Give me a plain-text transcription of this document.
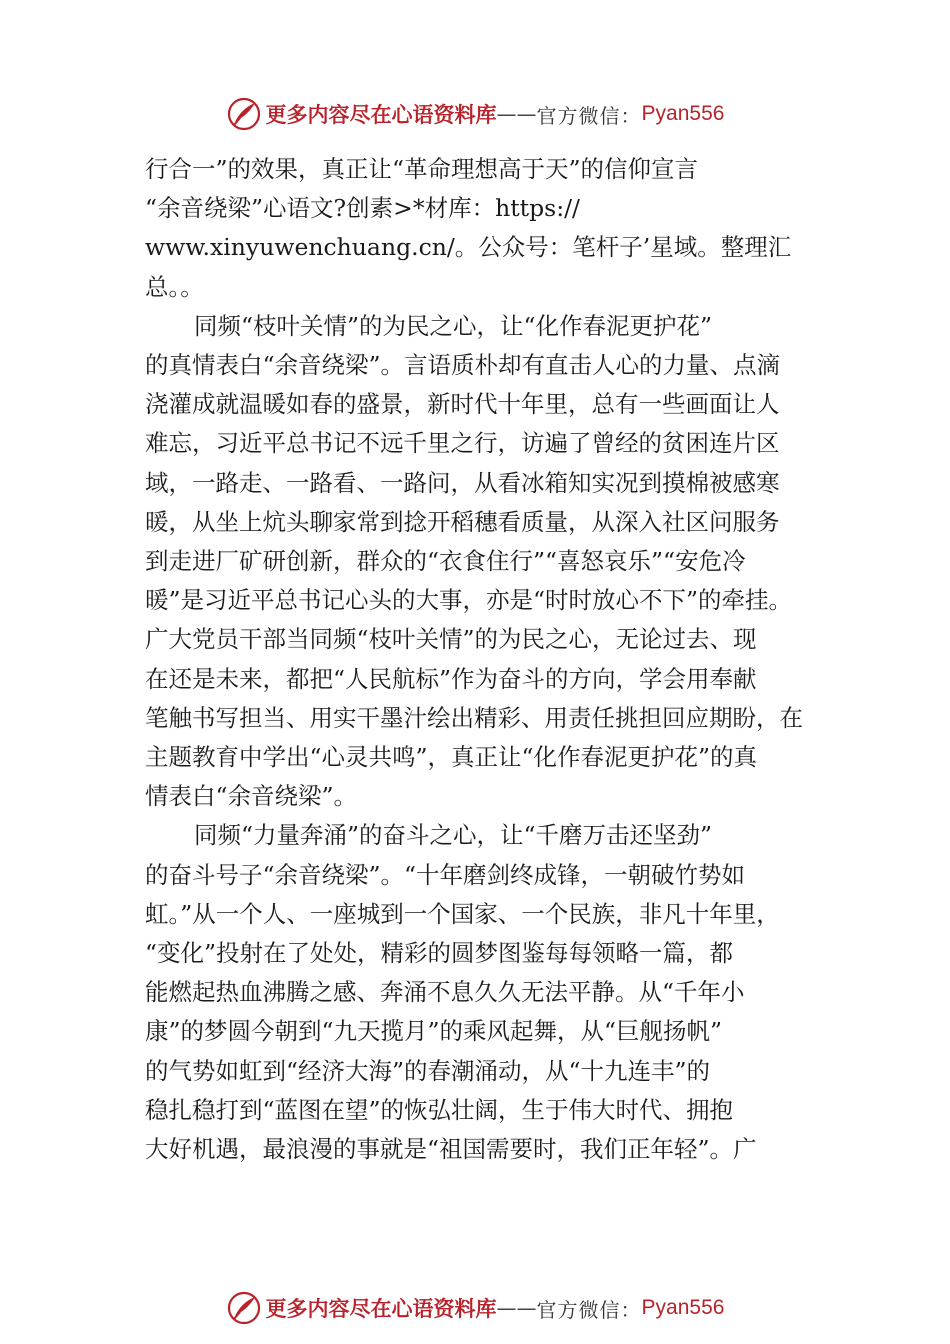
更多内容尽在心语资料库 —— 官方微信： Pyan556

行合一”的效果，真正让“革命理想高于天”的信仰宣言

“余音绕梁”心语文?创素>*材库：https://

www.xinyuwenchuang.cn/。公众号：笔杆子’星域。整理汇

总。。

同频“枝叶关情”的为民之心，让“化作春泥更护花”

的真情表白“余音绕梁”。言语质朴却有直击人心的力量、点滴

浇灌成就温暖如春的盛景，新时代十年里，总有一些画面让人

难忘，习近平总书记不远千里之行，访遍了曾经的贫困连片区

域，一路走、一路看、一路问，从看冰箱知实况到摸棉被感寒

暖，从坐上炕头聊家常到捻开稻穗看质量，从深入社区问服务

到走进厂矿研创新，群众的“衣食住行”“喜怒哀乐”“安危冷

暖”是习近平总书记心头的大事，亦是“时时放心不下”的牵挂。

广大党员干部当同频“枝叶关情”的为民之心，无论过去、现

在还是未来，都把“人民航标”作为奋斗的方向，学会用奉献

笔触书写担当、用实干墨汁绘出精彩、用责任挑担回应期盼，在

主题教育中学出“心灵共鸣”，真正让“化作春泥更护花”的真

情表白“余音绕梁”。

同频“力量奔涌”的奋斗之心，让“千磨万击还坚劲”

的奋斗号子“余音绕梁”。“十年磨剑终成锋，一朝破竹势如

虹。”从一个人、一座城到一个国家、一个民族，非凡十年里，

“变化”投射在了处处，精彩的圆梦图鉴每每领略一篇，都

能燃起热血沸腾之感、奔涌不息久久无法平静。从“千年小

康”的梦圆今朝到“九天揽月”的乘风起舞，从“巨舰扬帆”

的气势如虹到“经济大海”的春潮涌动，从“十九连丰”的

稳扎稳打到“蓝图在望”的恢弘壮阔，生于伟大时代、拥抱

大好机遇，最浪漫的事就是“祖国需要时，我们正年轻”。广

更多内容尽在心语资料库 —— 官方微信： Pyan556
